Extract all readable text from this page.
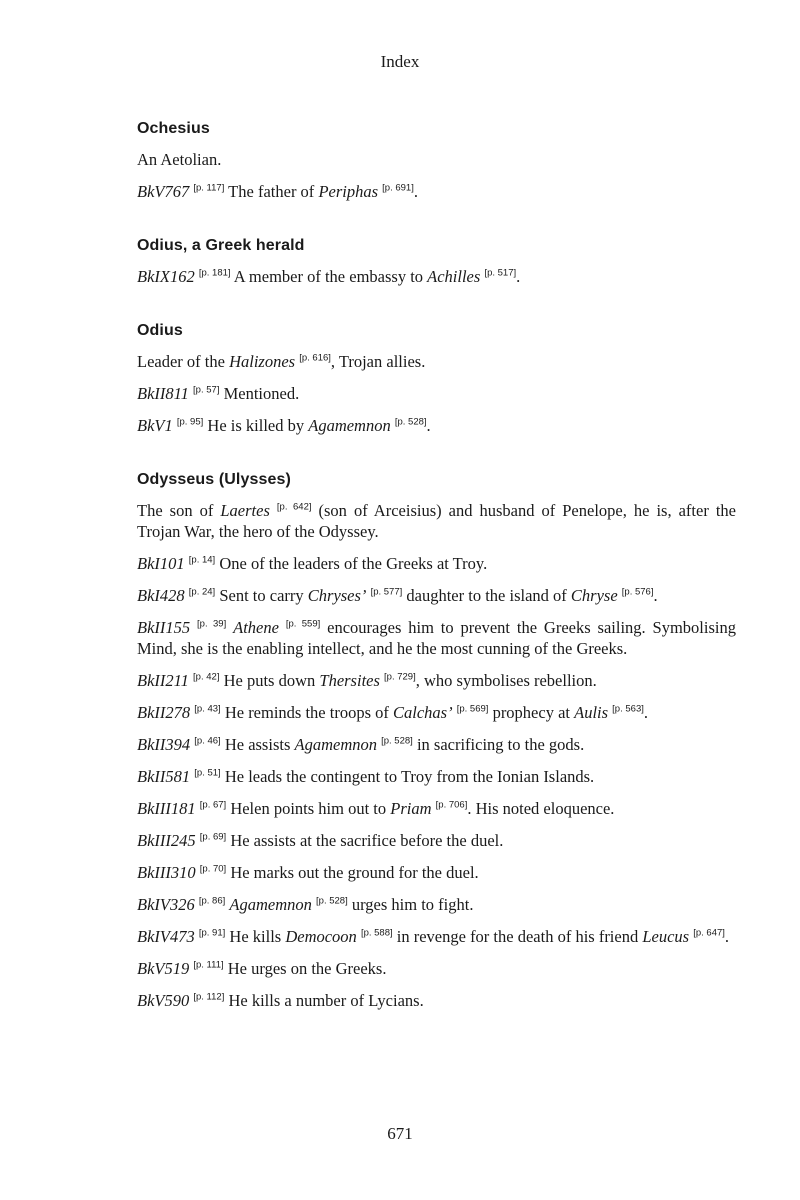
Index
Ochesius

An Aetolian.

BkV767 [p. 117] The father of Periphas [p. 691].

Odius, a Greek herald

BkIX162 [p. 181] A member of the embassy to Achilles [p. 517].

Odius

Leader of the Halizones [p. 616], Trojan allies.

BkII811 [p. 57] Mentioned.

BkV1 [p. 95] He is killed by Agamemnon [p. 528].

Odysseus (Ulysses)

The son of Laertes [p. 642] (son of Arceisius) and husband of Penelope, he is, after the Trojan War, the hero of the Odyssey.

BkI101 [p. 14] One of the leaders of the Greeks at Troy.

BkI428 [p. 24] Sent to carry Chryses’ [p. 577] daughter to the island of Chryse [p. 576].

BkII155 [p. 39] Athene [p. 559] encourages him to prevent the Greeks sailing. Symbolising Mind, she is the enabling intellect, and he the most cunning of the Greeks.

BkII211 [p. 42] He puts down Thersites [p. 729], who symbolises rebellion.

BkII278 [p. 43] He reminds the troops of Calchas’ [p. 569] prophecy at Aulis [p. 563].

BkII394 [p. 46] He assists Agamemnon [p. 528] in sacrificing to the gods.

BkII581 [p. 51] He leads the contingent to Troy from the Ionian Islands.

BkIII181 [p. 67] Helen points him out to Priam [p. 706]. His noted eloquence.

BkIII245 [p. 69] He assists at the sacrifice before the duel.

BkIII310 [p. 70] He marks out the ground for the duel.

BkIV326 [p. 86] Agamemnon [p. 528] urges him to fight.

BkIV473 [p. 91] He kills Democoon [p. 588] in revenge for the death of his friend Leucus [p. 647].

BkV519 [p. 111] He urges on the Greeks.

BkV590 [p. 112] He kills a number of Lycians.

671
